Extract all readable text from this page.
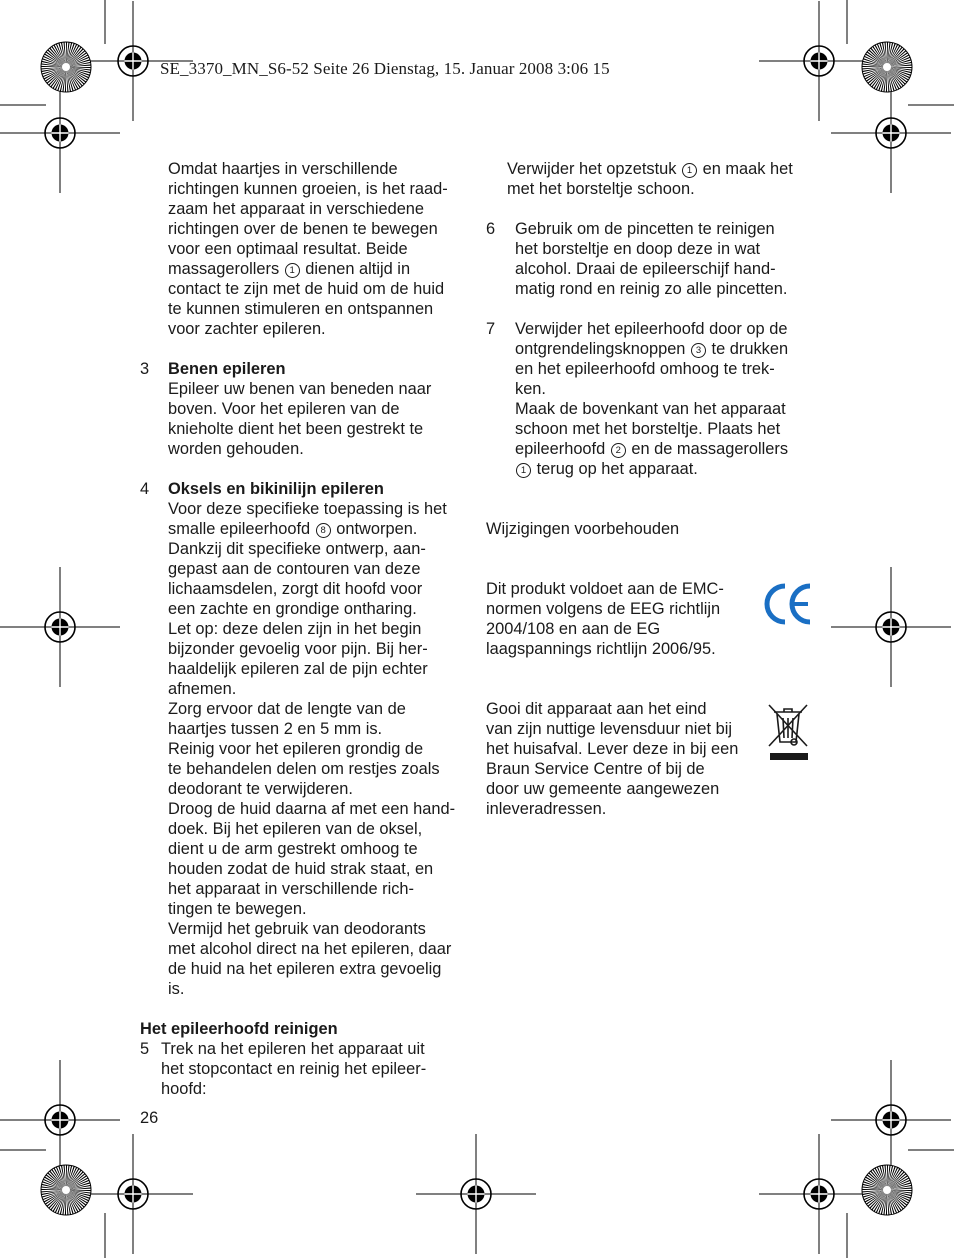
SE_3370_MN_S6-52 Seite 26 Dienstag, 15. Januar 2008 3:06 15

Omdat haartjes in verschillende
richtingen kunnen groeien, is het raad-
zaam het apparaat in verschiedene
richtingen over de benen te bewegen
voor een optimaal resultat. Beide
massagerollers 1 dienen altijd in
contact te zijn met de huid om de huid
te kunnen stimuleren en ontspannen
voor zachter epileren.
3 Benen epileren
Epileer uw benen van beneden naar
boven. Voor het epileren van de
knieholte dient het been gestrekt te
worden gehouden.
4 Oksels en bikinilijn epileren
Voor deze specifieke toepassing is het
smalle epileerhoofd 8 ontworpen.
Dankzij dit specifieke ontwerp, aan-
gepast aan de contouren van deze
lichaamsdelen, zorgt dit hoofd voor
een zachte en grondige ontharing.
Let op: deze delen zijn in het begin
bijzonder gevoelig voor pijn. Bij her-
haaldelijk epileren zal de pijn echter
afnemen.
Zorg ervoor dat de lengte van de
haartjes tussen 2 en 5 mm is.
Reinig voor het epileren grondig de
te behandelen delen om restjes zoals
deodorant te verwijderen.
Droog de huid daarna af met een hand-
doek. Bij het epileren van de oksel,
dient u de arm gestrekt omhoog te
houden zodat de huid strak staat, en
het apparaat in verschillende rich-
tingen te bewegen.
Vermijd het gebruik van deodorants
met alcohol direct na het epileren, daar
de huid na het epileren extra gevoelig
is.

Het epileerhoofd reinigen

5 Trek na het epileren het apparaat uit
het stopcontact en reinig het epileer-
hoofd:

26

Verwijder het opzetstuk 1 en maak het
met het borsteltje schoon.
6 Gebruik om de pincetten te reinigen
het borsteltje en doop deze in wat
alcohol. Draai de epileerschijf hand-
matig rond en reinig zo alle pincetten.
7 Verwijder het epileerhoofd door op de
ontgrendelingsknoppen 3 te drukken
en het epileerhoofd omhoog te trek-
ken.
Maak de bovenkant van het apparaat
schoon met het borsteltje. Plaats het
epileerhoofd 2 en de massagerollers
1 terug op het apparaat.

Wijzigingen voorbehouden

Dit produkt voldoet aan de EMC-
normen volgens de EEG richtlijn
2004/108 en aan de EG
laagspannings richtlijn 2006/95.
Gooi dit apparaat aan het eind
van zijn nuttige levensduur niet bij
het huisafval. Lever deze in bij een
Braun Service Centre of bij de
door uw gemeente aangewezen
inleveradressen.
